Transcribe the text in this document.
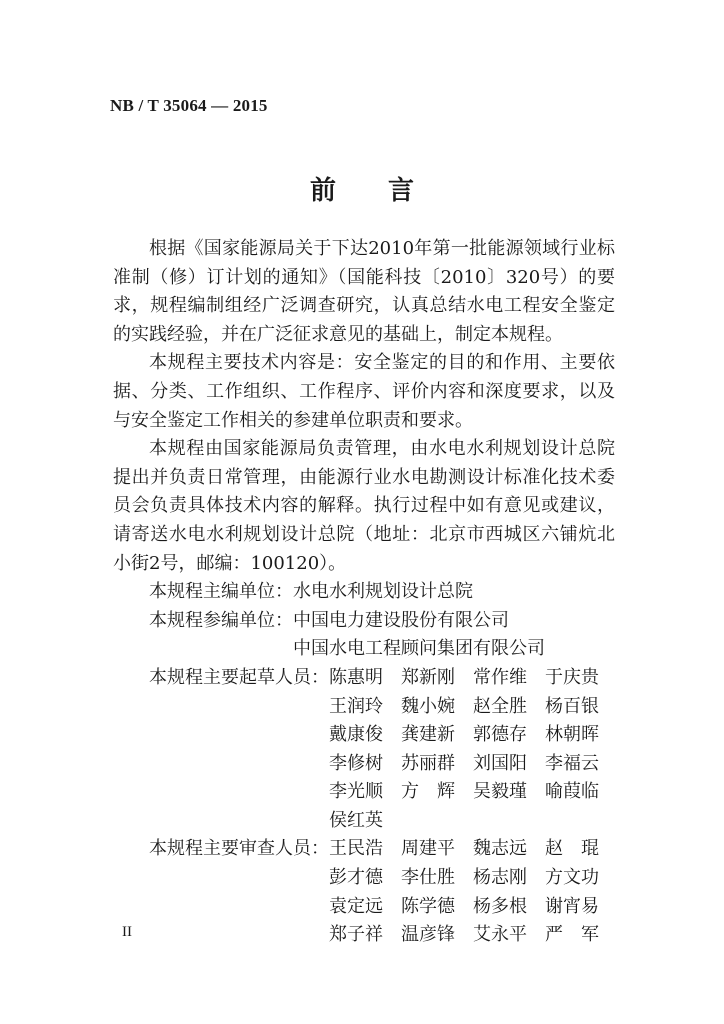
NB / T 35064 — 2015
前言

根据《国家能源局关于下达2010年第一批能源领域行业标准制（修）订计划的通知》（国能科技〔2010〕320号）的要求，规程编制组经广泛调查研究，认真总结水电工程安全鉴定的实践经验，并在广泛征求意见的基础上，制定本规程。

本规程主要技术内容是：安全鉴定的目的和作用、主要依据、分类、工作组织、工作程序、评价内容和深度要求，以及与安全鉴定工作相关的参建单位职责和要求。

本规程由国家能源局负责管理，由水电水利规划设计总院提出并负责日常管理，由能源行业水电勘测设计标准化技术委员会负责具体技术内容的解释。执行过程中如有意见或建议，请寄送水电水利规划设计总院（地址：北京市西城区六铺炕北小街2号，邮编：100120）。

本规程主编单位： 水电水利规划设计总院
本规程参编单位： 中国电力建设股份有限公司
中国水电工程顾问集团有限公司
本规程主要起草人员： 陈惠明	郑新刚	常作维	于庆贵
王润玲	魏小婉	赵全胜	杨百银
戴康俊	龚建新	郭德存	林朝晖
李修树	苏丽群	刘国阳	李福云
李光顺	方　辉	吴毅瑾	喻葭临
侯红英
本规程主要审查人员： 王民浩	周建平	魏志远	赵　琨
彭才德	李仕胜	杨志刚	方文功
袁定远	陈学德	杨多根	谢宵易
郑子祥	温彦锋	艾永平	严　军
II
